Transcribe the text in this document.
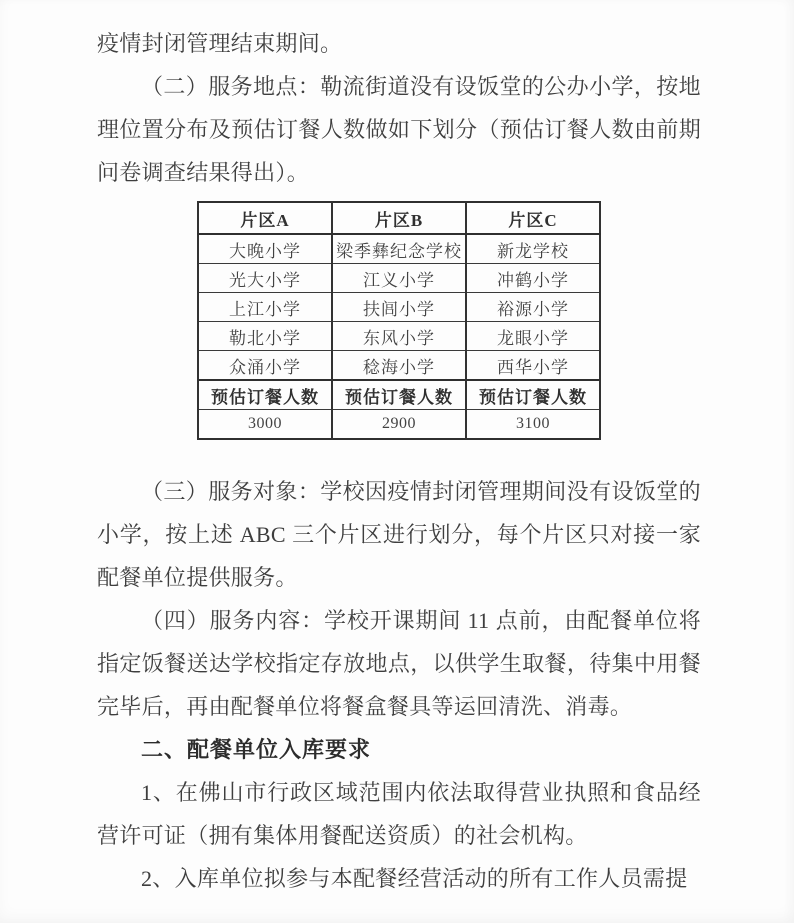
疫情封闭管理结束期间。

（二）服务地点：勒流街道没有设饭堂的公办小学，按地理位置分布及预估订餐人数做如下划分（预估订餐人数由前期问卷调查结果得出）。

片区A	片区B	片区C
大晚小学	梁季彝纪念学校	新龙学校
光大小学	江义小学	冲鹤小学
上江小学	扶闾小学	裕源小学
勒北小学	东风小学	龙眼小学
众涌小学	稔海小学	西华小学
预估订餐人数	预估订餐人数	预估订餐人数
3000	2900	3100

（三）服务对象：学校因疫情封闭管理期间没有设饭堂的小学，按上述 ABC 三个片区进行划分，每个片区只对接一家配餐单位提供服务。

（四）服务内容：学校开课期间 11 点前，由配餐单位将指定饭餐送达学校指定存放地点，以供学生取餐，待集中用餐完毕后，再由配餐单位将餐盒餐具等运回清洗、消毒。

二、配餐单位入库要求

1、在佛山市行政区域范围内依法取得营业执照和食品经营许可证（拥有集体用餐配送资质）的社会机构。

2、入库单位拟参与本配餐经营活动的所有工作人员需提
